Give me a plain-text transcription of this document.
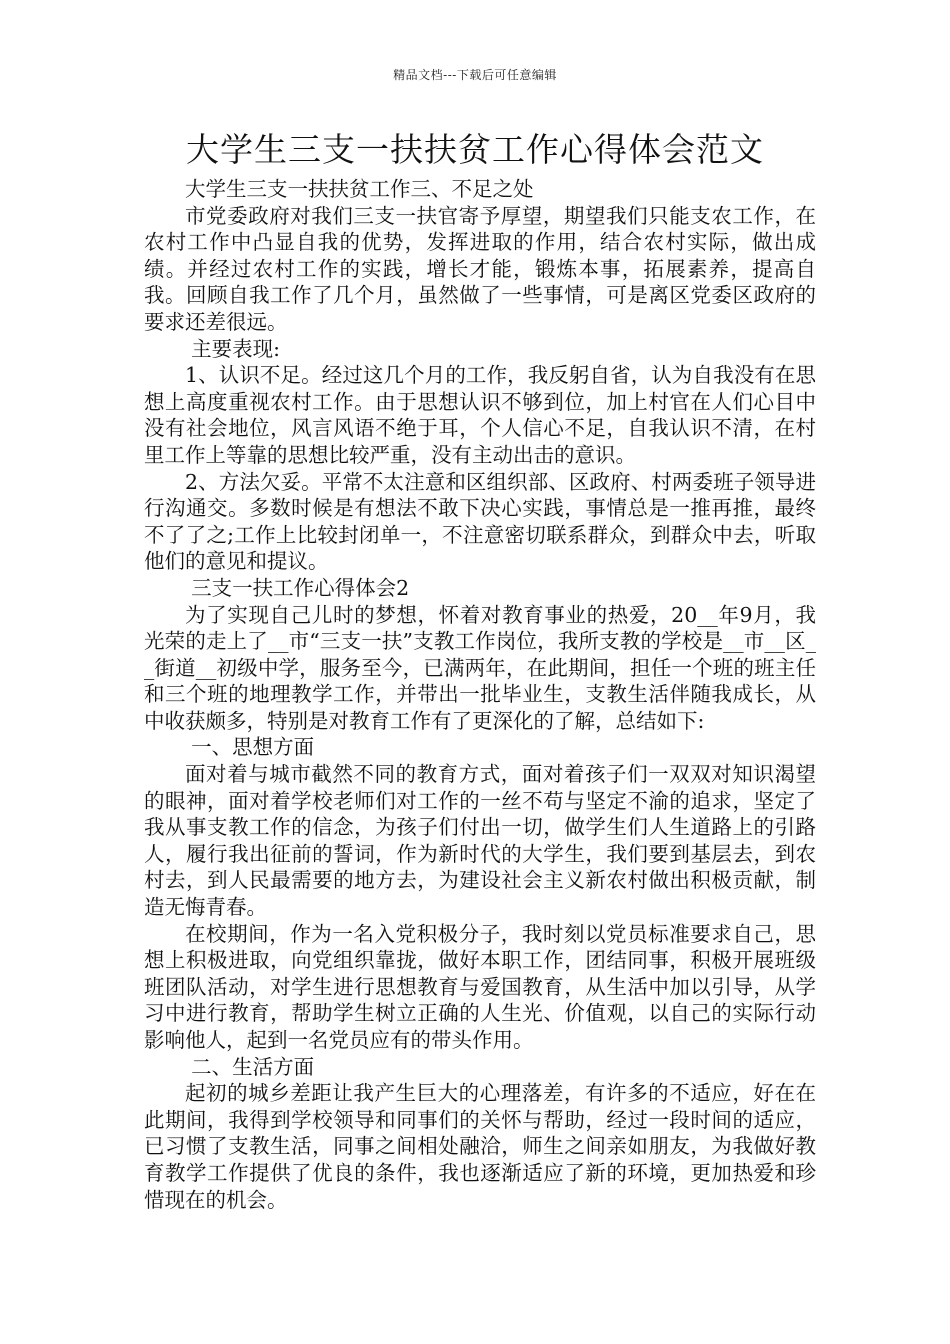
精品文档---下载后可任意编辑
大学生三支一扶扶贫工作心得体会范文

大学生三支一扶扶贫工作三、不足之处

市党委政府对我们三支一扶官寄予厚望，期望我们只能支农工作，在农村工作中凸显自我的优势，发挥进取的作用，结合农村实际，做出成绩。并经过农村工作的实践，增长才能，锻炼本事，拓展素养，提高自我。回顾自我工作了几个月，虽然做了一些事情，可是离区党委区政府的要求还差很远。

主要表现:

1、认识不足。经过这几个月的工作，我反躬自省，认为自我没有在思想上高度重视农村工作。由于思想认识不够到位，加上村官在人们心目中没有社会地位，风言风语不绝于耳，个人信心不足，自我认识不清，在村里工作上等靠的思想比较严重，没有主动出击的意识。

2、方法欠妥。平常不太注意和区组织部、区政府、村两委班子领导进行沟通交。多数时候是有想法不敢下决心实践，事情总是一推再推，最终不了了之;工作上比较封闭单一，不注意密切联系群众，到群众中去，听取他们的意见和提议。

三支一扶工作心得体会2

为了实现自己儿时的梦想，怀着对教育事业的热爱，20__年9月，我光荣的走上了__市“三支一扶”支教工作岗位，我所支教的学校是__市__区__街道__初级中学，服务至今，已满两年，在此期间，担任一个班的班主任和三个班的地理教学工作，并带出一批毕业生，支教生活伴随我成长，从中收获颇多，特别是对教育工作有了更深化的了解，总结如下:

一、思想方面

面对着与城市截然不同的教育方式，面对着孩子们一双双对知识渴望的眼神，面对着学校老师们对工作的一丝不苟与坚定不渝的追求，坚定了我从事支教工作的信念，为孩子们付出一切，做学生们人生道路上的引路人，履行我出征前的誓词，作为新时代的大学生，我们要到基层去，到农村去，到人民最需要的地方去，为建设社会主义新农村做出积极贡献，制造无悔青春。

在校期间，作为一名入党积极分子，我时刻以党员标准要求自己，思想上积极进取，向党组织靠拢，做好本职工作，团结同事，积极开展班级班团队活动，对学生进行思想教育与爱国教育，从生活中加以引导，从学习中进行教育，帮助学生树立正确的人生光、价值观，以自己的实际行动影响他人，起到一名党员应有的带头作用。

二、生活方面

起初的城乡差距让我产生巨大的心理落差，有许多的不适应，好在在此期间，我得到学校领导和同事们的关怀与帮助，经过一段时间的适应，已习惯了支教生活，同事之间相处融洽，师生之间亲如朋友，为我做好教育教学工作提供了优良的条件，我也逐渐适应了新的环境，更加热爱和珍惜现在的机会。
